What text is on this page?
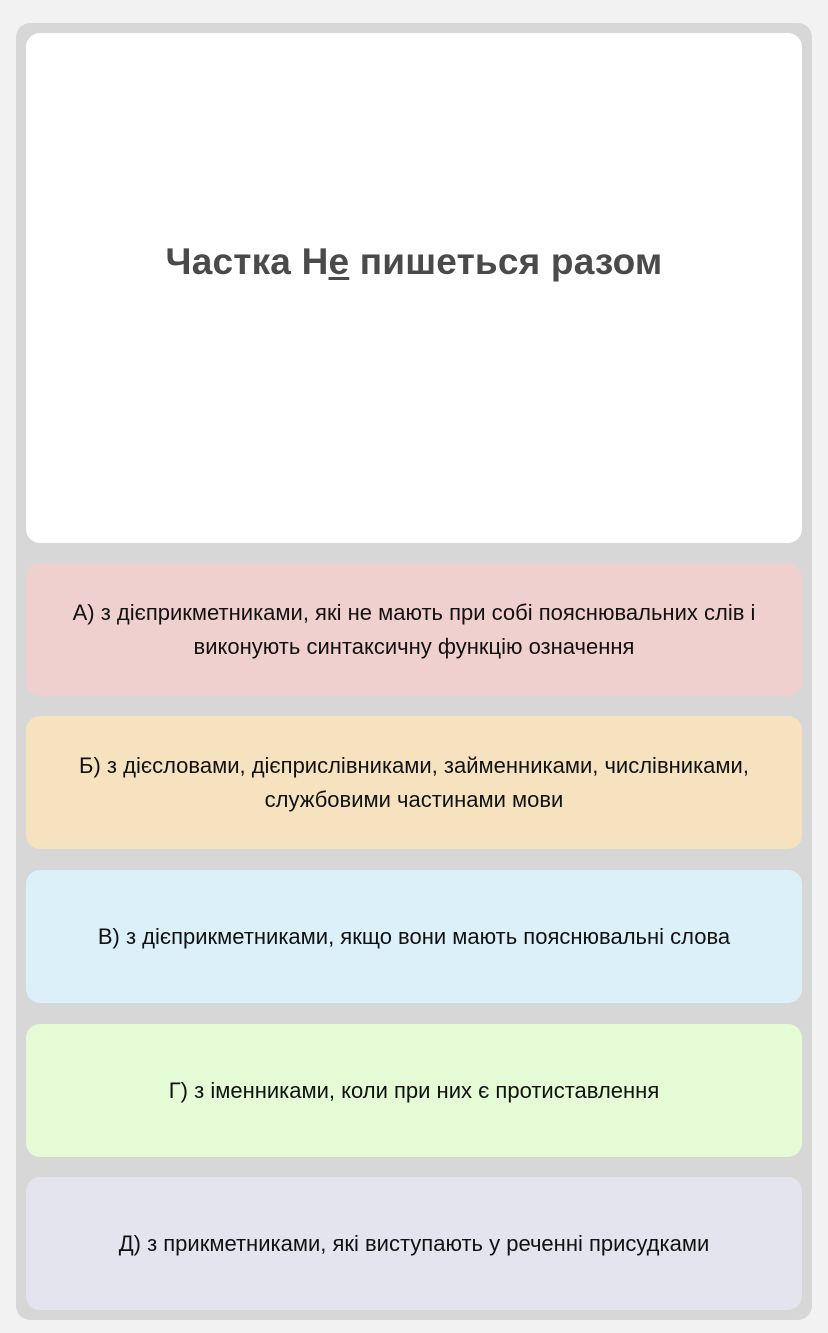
Частка Не пишеться разом
А) з дієприкметниками, які не мають при собі пояснювальних слів і виконують синтаксичну функцію означення
Б) з дієсловами, дієприслівниками, займенниками, числівниками, службовими частинами мови
В) з дієприкметниками, якщо вони мають пояснювальні слова
Г) з іменниками, коли при них є протиставлення
Д) з прикметниками, які виступають у реченні присудками
